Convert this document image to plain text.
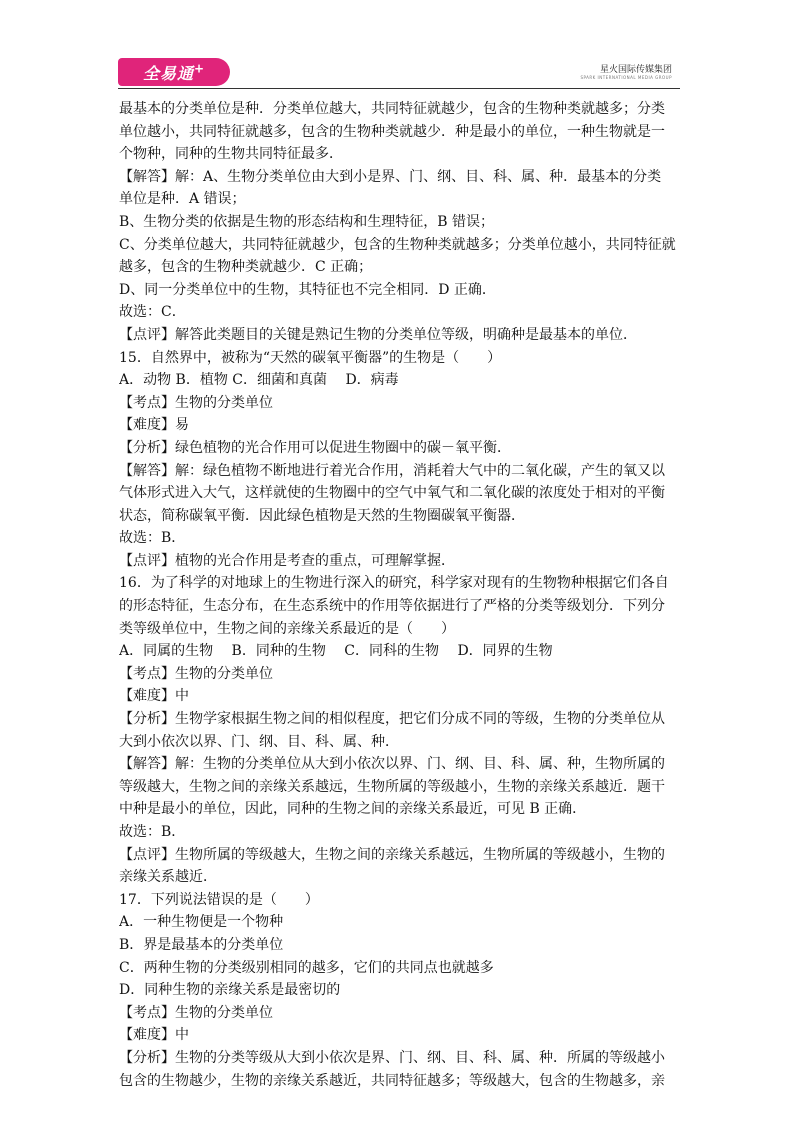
全易通+	星火国际传媒集团
SPARK INTERNATIONAL MEDIA GROUP

最基本的分类单位是种．分类单位越大，共同特征就越少，包含的生物种类就越多；分类

单位越小，共同特征就越多，包含的生物种类就越少．种是最小的单位，一种生物就是一

个物种，同种的生物共同特征最多．

【解答】解：A、生物分类单位由大到小是界、门、纲、目、科、属、种．最基本的分类

单位是种．A 错误；

B、生物分类的依据是生物的形态结构和生理特征，B 错误；

C、分类单位越大，共同特征就越少，包含的生物种类就越多；分类单位越小，共同特征就

越多，包含的生物种类就越少．C 正确；

D、同一分类单位中的生物，其特征也不完全相同．D 正确．

故选：C．

【点评】解答此类题目的关键是熟记生物的分类单位等级，明确种是最基本的单位．

15．自然界中，被称为“天然的碳氧平衡器”的生物是（　　）

A．动物 B．植物 C．细菌和真菌　 D．病毒

【考点】生物的分类单位

【难度】易

【分析】绿色植物的光合作用可以促进生物圈中的碳－氧平衡．

【解答】解：绿色植物不断地进行着光合作用，消耗着大气中的二氧化碳，产生的氧又以

气体形式进入大气，这样就使的生物圈中的空气中氧气和二氧化碳的浓度处于相对的平衡

状态，简称碳氧平衡．因此绿色植物是天然的生物圈碳氧平衡器．

故选：B．

【点评】植物的光合作用是考查的重点，可理解掌握．

16．为了科学的对地球上的生物进行深入的研究，科学家对现有的生物物种根据它们各自

的形态特征，生态分布，在生态系统中的作用等依据进行了严格的分类等级划分．下列分

类等级单位中，生物之间的亲缘关系最近的是（　　）

A．同属的生物　 B．同种的生物　 C．同科的生物　 D．同界的生物

【考点】生物的分类单位

【难度】中

【分析】生物学家根据生物之间的相似程度，把它们分成不同的等级，生物的分类单位从

大到小依次以界、门、纲、目、科、属、种．

【解答】解：生物的分类单位从大到小依次以界、门、纲、目、科、属、种，生物所属的

等级越大，生物之间的亲缘关系越远，生物所属的等级越小，生物的亲缘关系越近．题干

中种是最小的单位，因此，同种的生物之间的亲缘关系最近，可见 B 正确．

故选：B．

【点评】生物所属的等级越大，生物之间的亲缘关系越远，生物所属的等级越小，生物的

亲缘关系越近．

17．下列说法错误的是（　　）

A．一种生物便是一个物种

B．界是最基本的分类单位

C．两种生物的分类级别相同的越多，它们的共同点也就越多

D．同种生物的亲缘关系是最密切的

【考点】生物的分类单位

【难度】中

【分析】生物的分类等级从大到小依次是界、门、纲、目、科、属、种．所属的等级越小

包含的生物越少，生物的亲缘关系越近，共同特征越多；等级越大，包含的生物越多，亲
